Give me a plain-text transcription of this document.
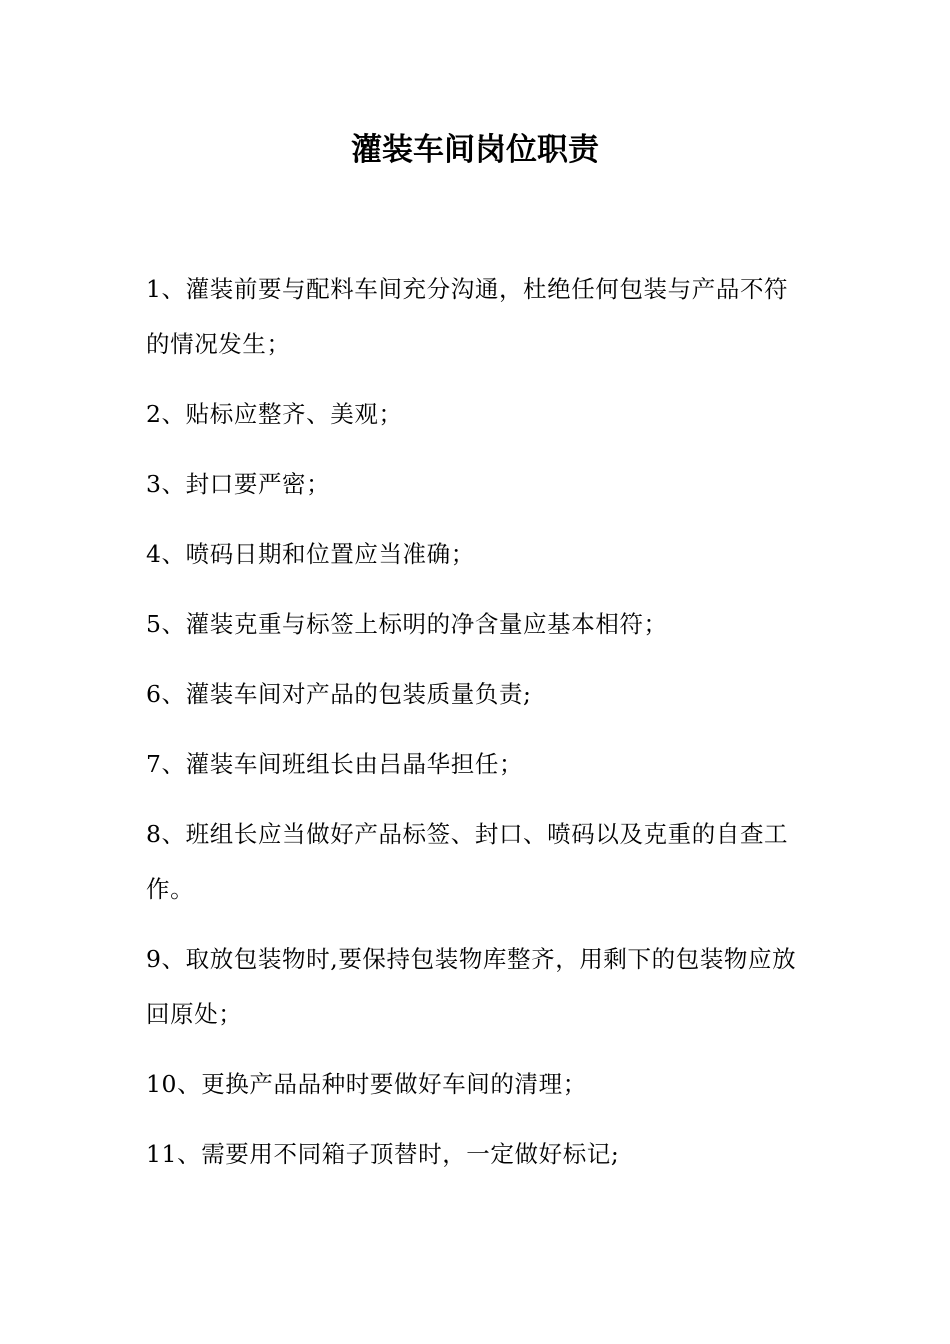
灌装车间岗位职责
1、灌装前要与配料车间充分沟通，杜绝任何包装与产品不符的情况发生；
2、贴标应整齐、美观；
3、封口要严密；
4、喷码日期和位置应当准确；
5、灌装克重与标签上标明的净含量应基本相符；
6、灌装车间对产品的包装质量负责;
7、灌装车间班组长由吕晶华担任；
8、班组长应当做好产品标签、封口、喷码以及克重的自查工作。
9、取放包装物时,要保持包装物库整齐，用剩下的包装物应放回原处；
10、更换产品品种时要做好车间的清理；
11、需要用不同箱子顶替时，一定做好标记;
